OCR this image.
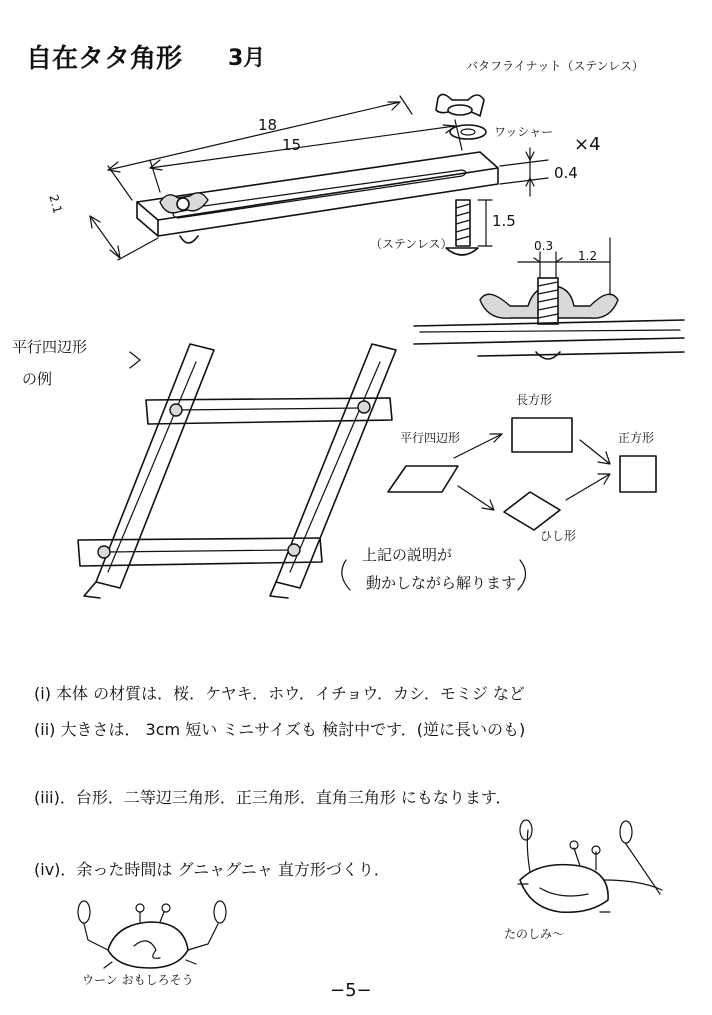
自在タタ角形 3月	バタフライナット（ステンレス）
ワッシャー
×4
18
15
2.1
0.4
1.5
（ステンレス）	0.3
1.2
平行四辺形
の例
平行四辺形
長方形
正方形
ひし形
上記の説明が
動かしながら解ります
(i) 本体 の材質は．桜．ケヤキ．ホウ．イチョウ．カシ．モミジ など
(ii) 大きさは． 3cm 短い ミニサイズも 検討中です．(逆に長いのも)
(iii)．台形．二等辺三角形．正三角形．直角三角形 にもなります．
(iv)．余った時間は グニャグニャ 直方形づくり．
たのしみ〜
ウーン おもしろそう	−5−
